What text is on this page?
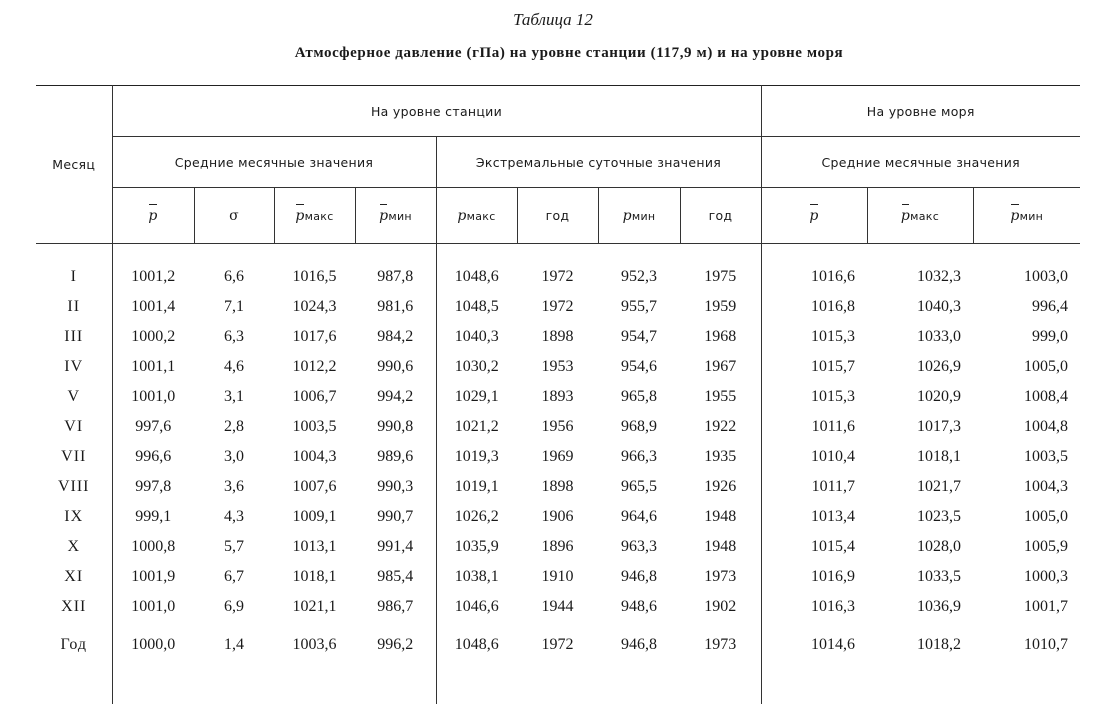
Таблица 12
Атмосферное давление (гПа) на уровне станции (117,9 м) и на уровне моря
Месяц	На уровне станции								На уровне моря		
	Средние месячные значения				Экстремальные суточные значения				Средние месячные значения		
	p	σ	pмакс	pмин	pмакс	год	pмин	год	p	pмакс	pмин

I	1001,2	6,6	1016,5	987,8	1048,6	1972	952,3	1975	1016,6	1032,3	1003,0
II	1001,4	7,1	1024,3	981,6	1048,5	1972	955,7	1959	1016,8	1040,3	996,4
III	1000,2	6,3	1017,6	984,2	1040,3	1898	954,7	1968	1015,3	1033,0	999,0
IV	1001,1	4,6	1012,2	990,6	1030,2	1953	954,6	1967	1015,7	1026,9	1005,0
V	1001,0	3,1	1006,7	994,2	1029,1	1893	965,8	1955	1015,3	1020,9	1008,4
VI	997,6	2,8	1003,5	990,8	1021,2	1956	968,9	1922	1011,6	1017,3	1004,8
VII	996,6	3,0	1004,3	989,6	1019,3	1969	966,3	1935	1010,4	1018,1	1003,5
VIII	997,8	3,6	1007,6	990,3	1019,1	1898	965,5	1926	1011,7	1021,7	1004,3
IX	999,1	4,3	1009,1	990,7	1026,2	1906	964,6	1948	1013,4	1023,5	1005,0
X	1000,8	5,7	1013,1	991,4	1035,9	1896	963,3	1948	1015,4	1028,0	1005,9
XI	1001,9	6,7	1018,1	985,4	1038,1	1910	946,8	1973	1016,9	1033,5	1000,3
XII	1001,0	6,9	1021,1	986,7	1046,6	1944	948,6	1902	1016,3	1036,9	1001,7
Год	1000,0	1,4	1003,6	996,2	1048,6	1972	946,8	1973	1014,6	1018,2	1010,7
